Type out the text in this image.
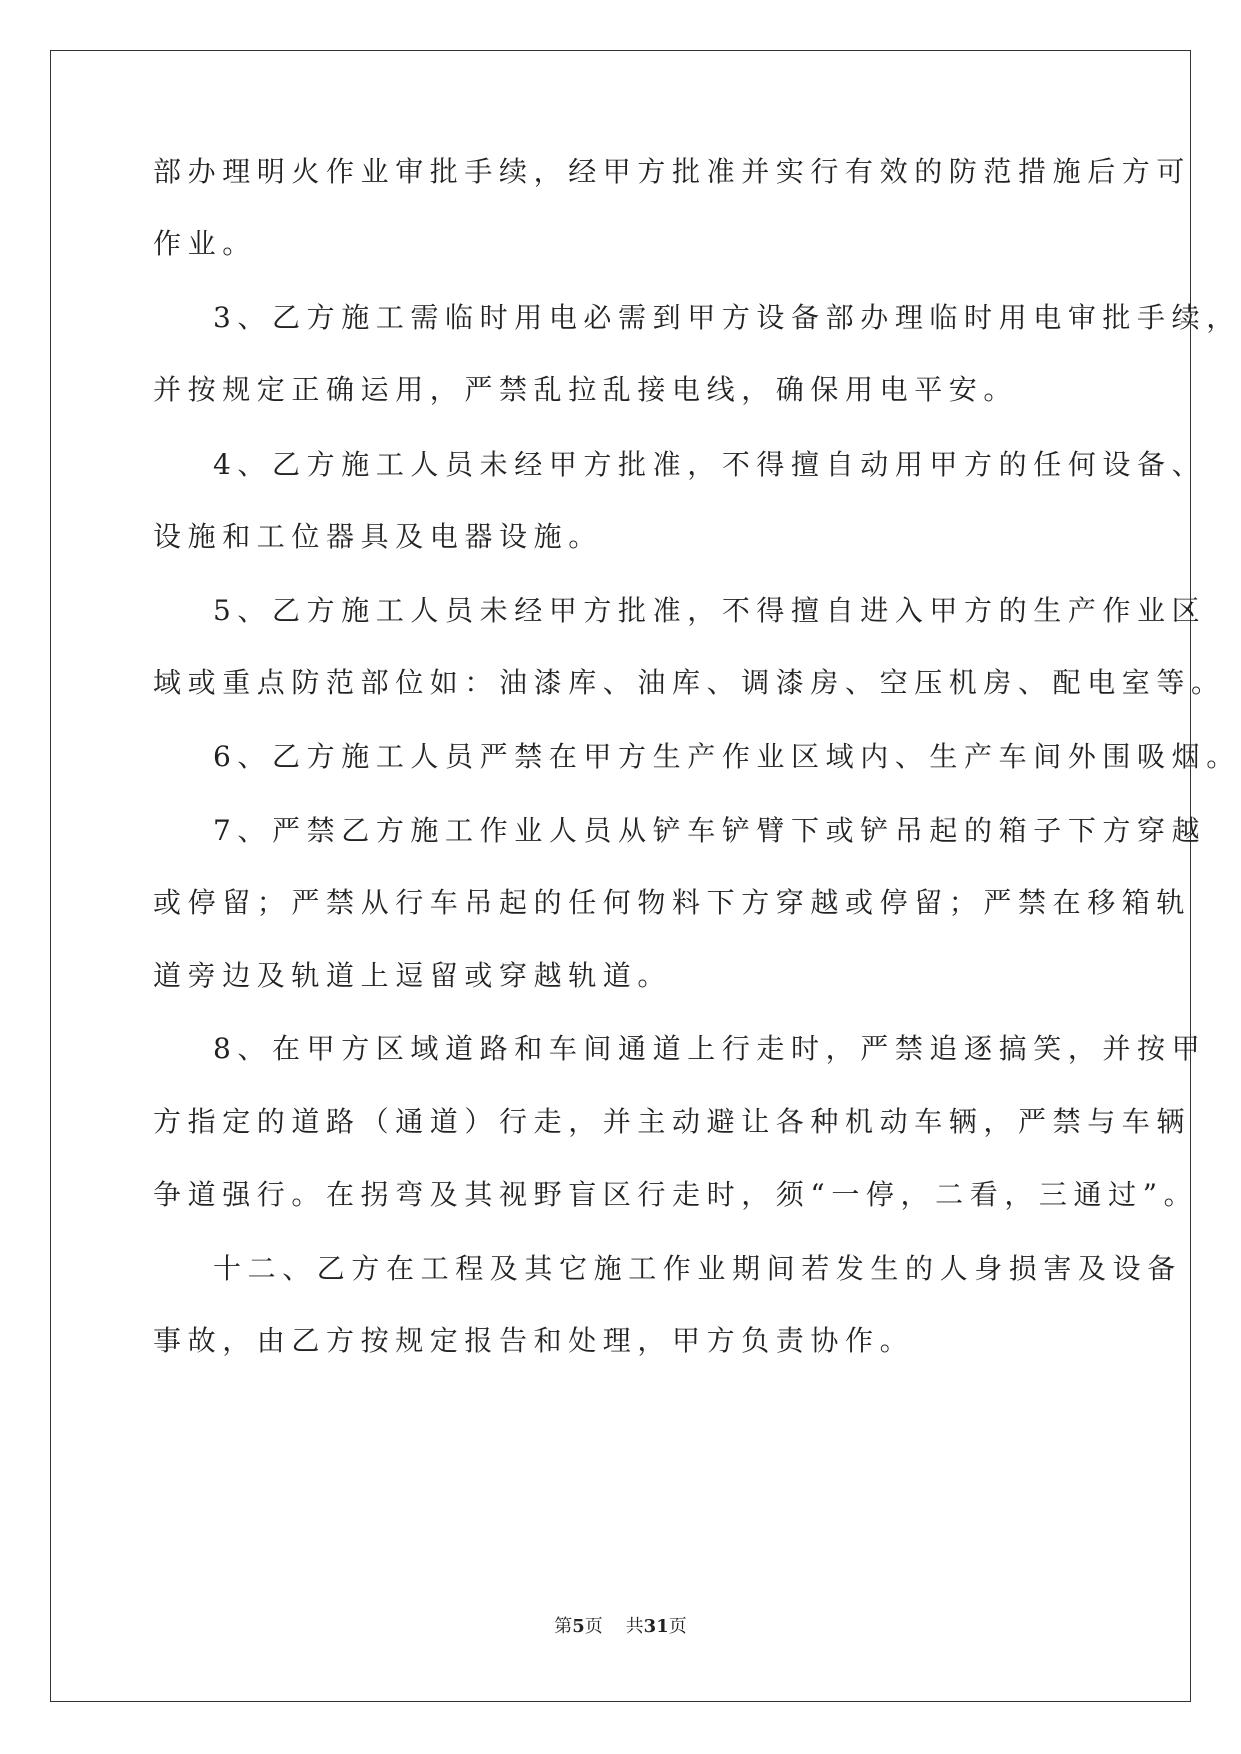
部办理明火作业审批手续，经甲方批准并实行有效的防范措施后方可
作业。
3、乙方施工需临时用电必需到甲方设备部办理临时用电审批手续，
并按规定正确运用，严禁乱拉乱接电线，确保用电平安。
4、乙方施工人员未经甲方批准，不得擅自动用甲方的任何设备、
设施和工位器具及电器设施。
5、乙方施工人员未经甲方批准，不得擅自进入甲方的生产作业区
域或重点防范部位如：油漆库、油库、调漆房、空压机房、配电室等。
6、乙方施工人员严禁在甲方生产作业区域内、生产车间外围吸烟。
7、严禁乙方施工作业人员从铲车铲臂下或铲吊起的箱子下方穿越
或停留；严禁从行车吊起的任何物料下方穿越或停留；严禁在移箱轨
道旁边及轨道上逗留或穿越轨道。
8、在甲方区域道路和车间通道上行走时，严禁追逐搞笑，并按甲
方指定的道路（通道）行走，并主动避让各种机动车辆，严禁与车辆
争道强行。在拐弯及其视野盲区行走时，须“一停，二看，三通过”。
十二、乙方在工程及其它施工作业期间若发生的人身损害及设备
事故，由乙方按规定报告和处理，甲方负责协作。
第5页 共31页
